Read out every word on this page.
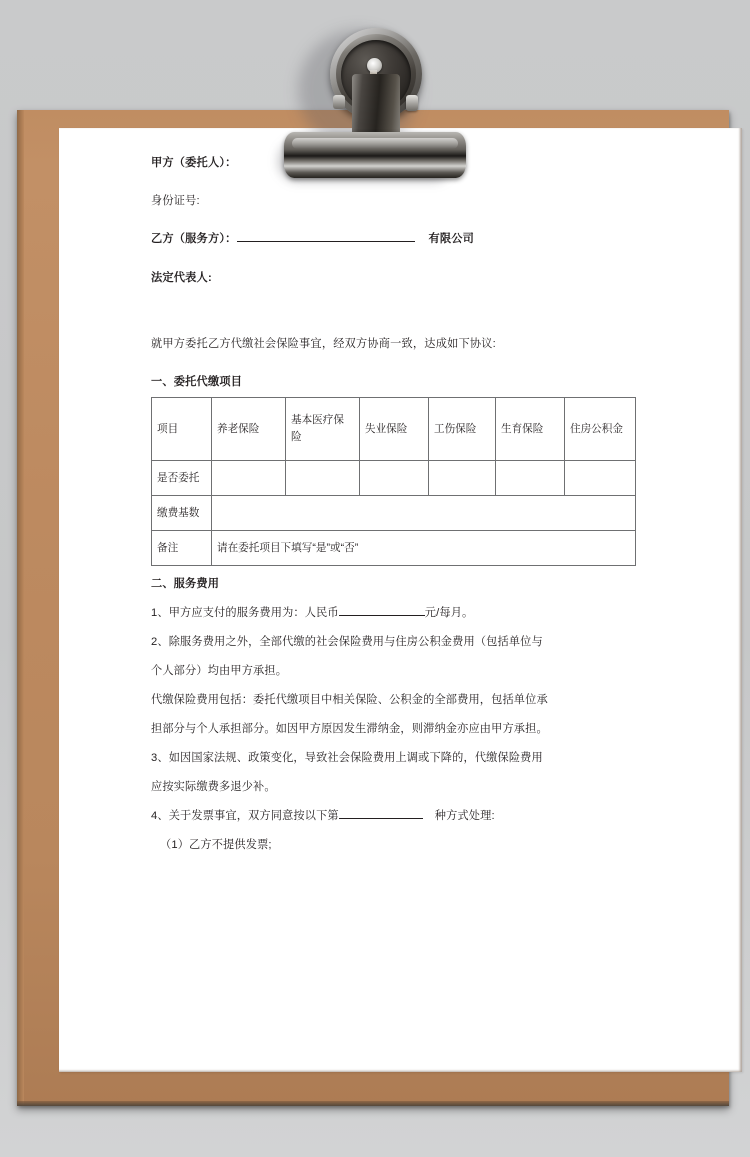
甲方（委托人）：

身份证号:

乙方（服务方）：	有限公司

法定代表人:

就甲方委托乙方代缴社会保险事宜，经双方协商一致，达成如下协议:

一、委托代缴项目

项目	养老保险	基本医疗保险	失业保险	工伤保险	生育保险	住房公积金
是否委托						
缴费基数						
备注	请在委托项目下填写“是”或“否”					

二、服务费用

1、甲方应支付的服务费用为：人民币	元/每月。

2、除服务费用之外，全部代缴的社会保险费用与住房公积金费用（包括单位与

个人部分）均由甲方承担。

代缴保险费用包括：委托代缴项目中相关保险、公积金的全部费用，包括单位承

担部分与个人承担部分。如因甲方原因发生滞纳金，则滞纳金亦应由甲方承担。

3、如因国家法规、政策变化，导致社会保险费用上调或下降的，代缴保险费用

应按实际缴费多退少补。

4、关于发票事宜，双方同意按以下第	种方式处理:

（1）乙方不提供发票;
